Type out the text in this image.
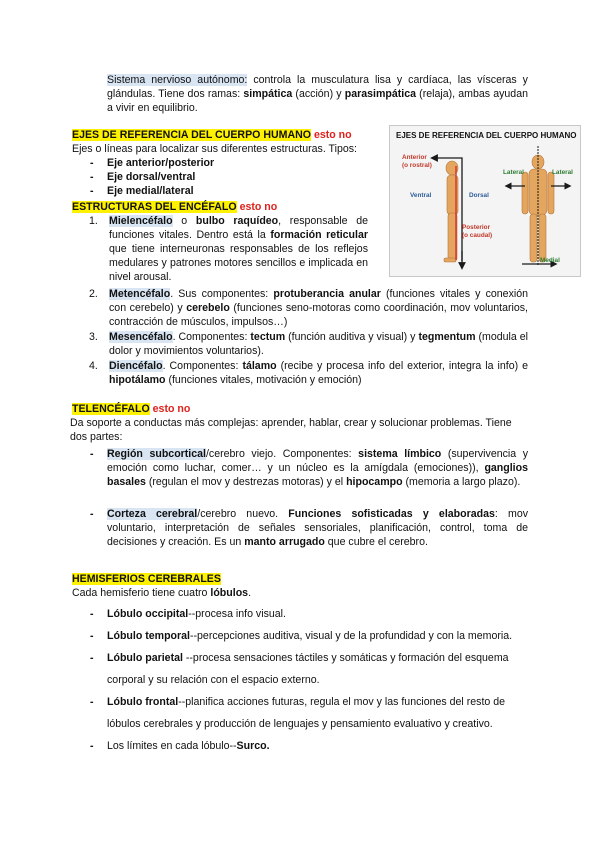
Sistema nervioso autónomo: controla la musculatura lisa y cardíaca, las vísceras y glándulas. Tiene dos ramas: simpática (acción) y parasimpática (relaja), ambas ayudan a vivir en equilibrio.
EJES DE REFERENCIA DEL CUERPO HUMANO esto no
Ejes o líneas para localizar sus diferentes estructuras. Tipos:
- Eje anterior/posterior
- Eje dorsal/ventral
- Eje medial/lateral
EJES DE REFERENCIA DEL CUERPO HUMANO
Anterior
(o rostral)
Ventral	Dorsal
Posterior
(o caudal)
Lateral	Lateral
Medial
ESTRUCTURAS DEL ENCÉFALO esto no
1. Mielencéfalo o bulbo raquídeo, responsable de funciones vitales. Dentro está la formación reticular que tiene interneuronas responsables de los reflejos medulares y patrones motores sencillos e implicada en nivel arousal.
2. Metencéfalo. Sus componentes: protuberancia anular (funciones vitales y conexión con cerebelo) y cerebelo (funciones seno-motoras como coordinación, mov voluntarios, contracción de músculos, impulsos…)
3. Mesencéfalo. Componentes: tectum (función auditiva y visual) y tegmentum (modula el dolor y movimientos voluntarios).
4. Diencéfalo. Componentes: tálamo (recibe y procesa info del exterior, integra la info) e hipotálamo (funciones vitales, motivación y emoción)
TELENCÉFALO esto no
Da soporte a conductas más complejas: aprender, hablar, crear y solucionar problemas. Tiene dos partes:
- Región subcortical/cerebro viejo. Componentes: sistema límbico (supervivencia y emoción como luchar, comer… y un núcleo es la amígdala (emociones)), ganglios basales (regulan el mov y destrezas motoras) y el hipocampo (memoria a largo plazo).
- Corteza cerebral/cerebro nuevo. Funciones sofisticadas y elaboradas: mov voluntario, interpretación de señales sensoriales, planificación, control, toma de decisiones y creación. Es un manto arrugado que cubre el cerebro.
HEMISFERIOS CEREBRALES
Cada hemisferio tiene cuatro lóbulos.
- Lóbulo occipital--procesa info visual.
- Lóbulo temporal--percepciones auditiva, visual y de la profundidad y con la memoria.
- Lóbulo parietal --procesa sensaciones táctiles y somáticas y formación del esquema corporal y su relación con el espacio externo.
- Lóbulo frontal--planifica acciones futuras, regula el mov y las funciones del resto de lóbulos cerebrales y producción de lenguajes y pensamiento evaluativo y creativo.
- Los límites en cada lóbulo--Surco.
